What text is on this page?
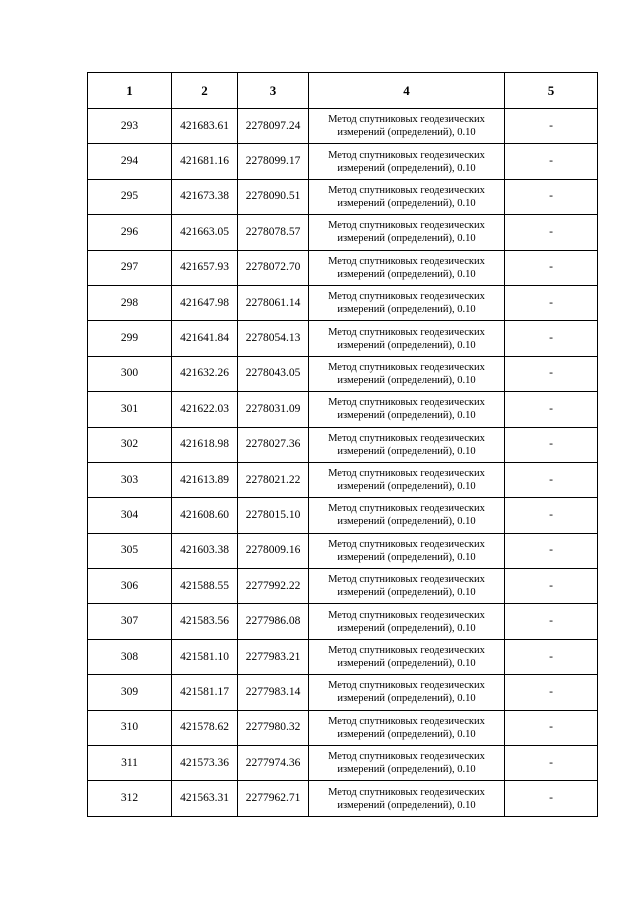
1	2	3	4	5
293	421683.61	2278097.24	Метод спутниковых геодезических измерений (определений), 0.10	-
294	421681.16	2278099.17	Метод спутниковых геодезических измерений (определений), 0.10	-
295	421673.38	2278090.51	Метод спутниковых геодезических измерений (определений), 0.10	-
296	421663.05	2278078.57	Метод спутниковых геодезических измерений (определений), 0.10	-
297	421657.93	2278072.70	Метод спутниковых геодезических измерений (определений), 0.10	-
298	421647.98	2278061.14	Метод спутниковых геодезических измерений (определений), 0.10	-
299	421641.84	2278054.13	Метод спутниковых геодезических измерений (определений), 0.10	-
300	421632.26	2278043.05	Метод спутниковых геодезических измерений (определений), 0.10	-
301	421622.03	2278031.09	Метод спутниковых геодезических измерений (определений), 0.10	-
302	421618.98	2278027.36	Метод спутниковых геодезических измерений (определений), 0.10	-
303	421613.89	2278021.22	Метод спутниковых геодезических измерений (определений), 0.10	-
304	421608.60	2278015.10	Метод спутниковых геодезических измерений (определений), 0.10	-
305	421603.38	2278009.16	Метод спутниковых геодезических измерений (определений), 0.10	-
306	421588.55	2277992.22	Метод спутниковых геодезических измерений (определений), 0.10	-
307	421583.56	2277986.08	Метод спутниковых геодезических измерений (определений), 0.10	-
308	421581.10	2277983.21	Метод спутниковых геодезических измерений (определений), 0.10	-
309	421581.17	2277983.14	Метод спутниковых геодезических измерений (определений), 0.10	-
310	421578.62	2277980.32	Метод спутниковых геодезических измерений (определений), 0.10	-
311	421573.36	2277974.36	Метод спутниковых геодезических измерений (определений), 0.10	-
312	421563.31	2277962.71	Метод спутниковых геодезических измерений (определений), 0.10	-
